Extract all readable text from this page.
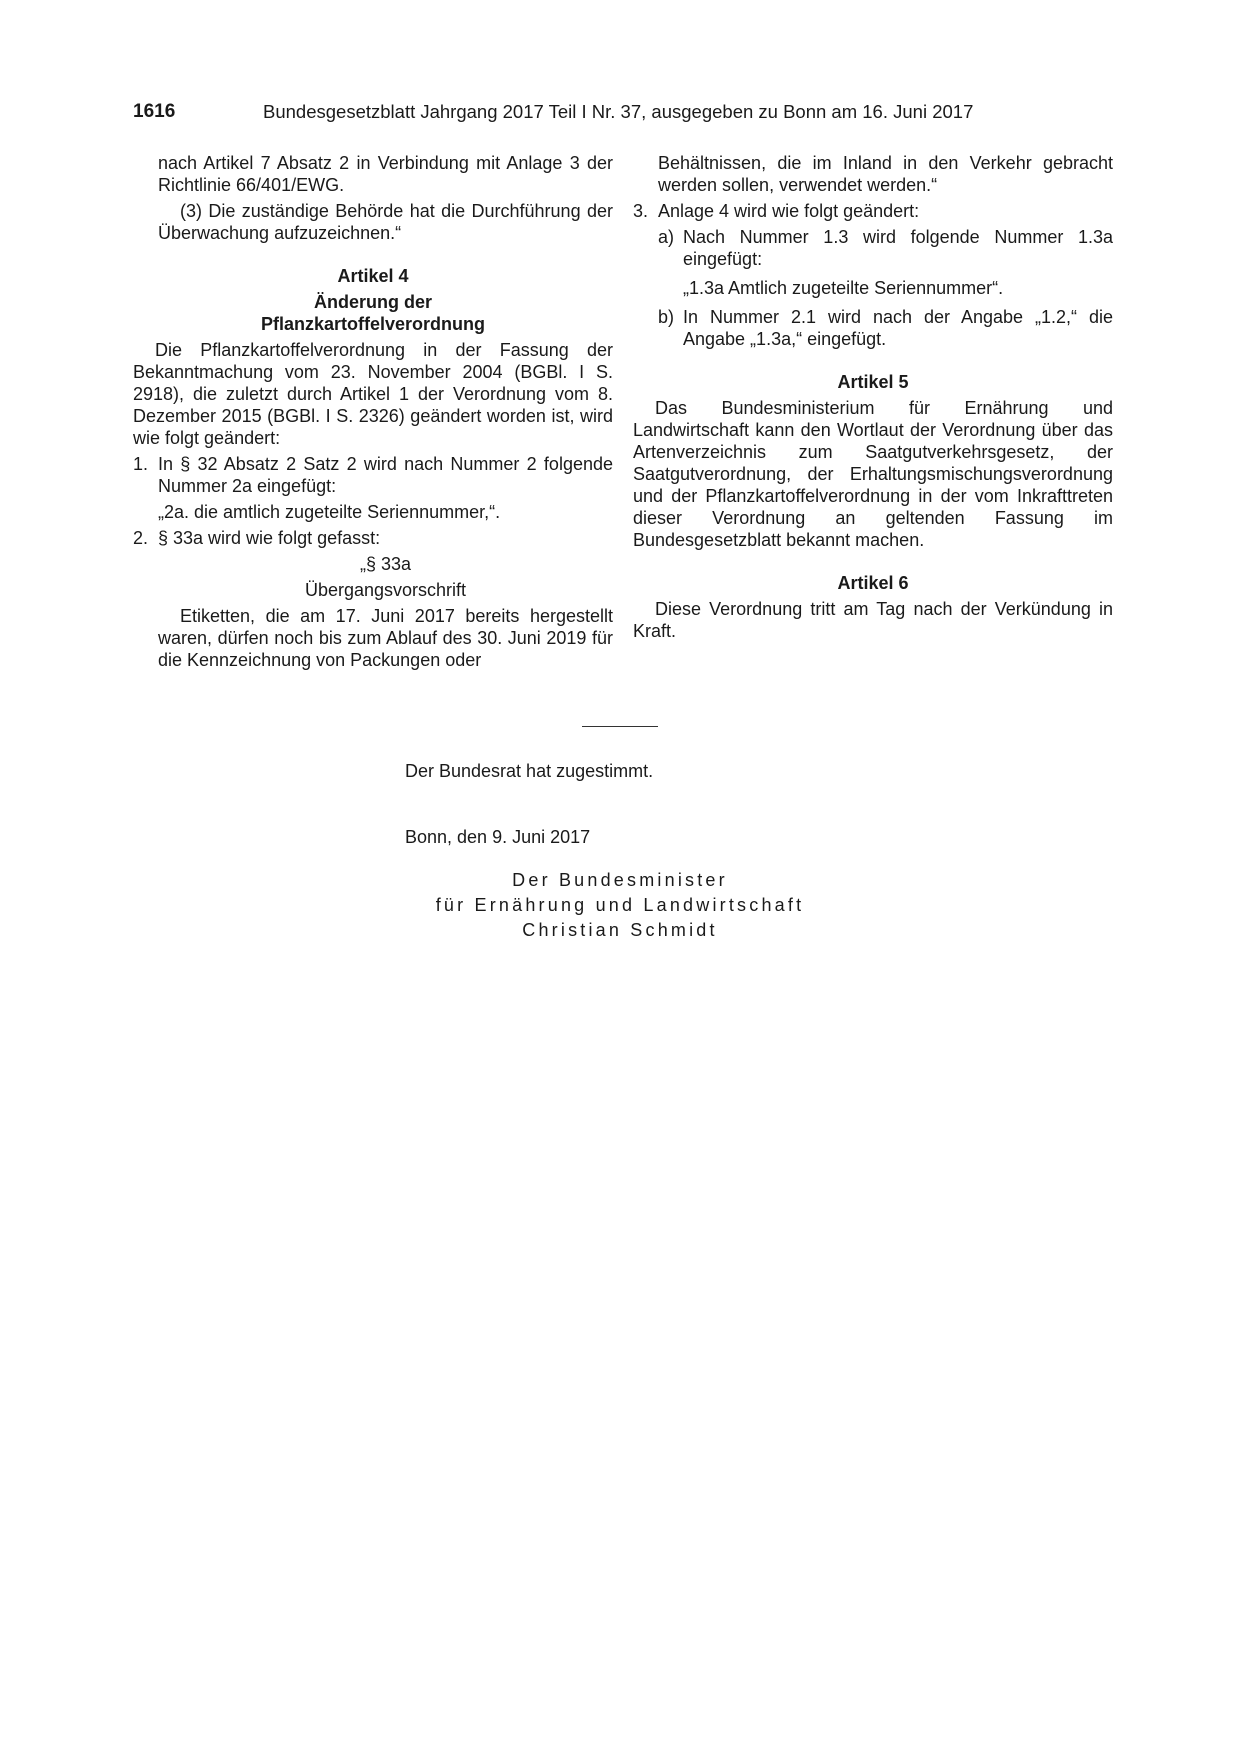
1616	Bundesgesetzblatt Jahrgang 2017 Teil I Nr. 37, ausgegeben zu Bonn am 16. Juni 2017

nach Artikel 7 Absatz 2 in Verbindung mit Anlage 3 der Richtlinie 66/401/EWG.

(3) Die zuständige Behörde hat die Durchführung der Überwachung aufzuzeichnen.“

Artikel 4

Änderung der

Pflanzkartoffelverordnung

Die Pflanzkartoffelverordnung in der Fassung der Bekanntmachung vom 23. November 2004 (BGBl. I S. 2918), die zuletzt durch Artikel 1 der Verordnung vom 8. Dezember 2015 (BGBl. I S. 2326) geändert worden ist, wird wie folgt geändert:

1. In § 32 Absatz 2 Satz 2 wird nach Nummer 2 folgende Nummer 2a eingefügt:

„2a. die amtlich zugeteilte Seriennummer,“.

2. § 33a wird wie folgt gefasst:

„§ 33a

Übergangsvorschrift

Etiketten, die am 17. Juni 2017 bereits hergestellt waren, dürfen noch bis zum Ablauf des 30. Juni 2019 für die Kennzeichnung von Packungen oder

Behältnissen, die im Inland in den Verkehr gebracht werden sollen, verwendet werden.“

3. Anlage 4 wird wie folgt geändert:
a) Nach Nummer 1.3 wird folgende Nummer 1.3a eingefügt:

„1.3a Amtlich zugeteilte Seriennummer“.

b) In Nummer 2.1 wird nach der Angabe „1.2,“ die Angabe „1.3a,“ eingefügt.

Artikel 5

Das Bundesministerium für Ernährung und Landwirtschaft kann den Wortlaut der Verordnung über das Artenverzeichnis zum Saatgutverkehrsgesetz, der Saatgutverordnung, der Erhaltungsmischungsverordnung und der Pflanzkartoffelverordnung in der vom Inkrafttreten dieser Verordnung an geltenden Fassung im Bundesgesetzblatt bekannt machen.

Artikel 6

Diese Verordnung tritt am Tag nach der Verkündung in Kraft.

Der Bundesrat hat zugestimmt.

Bonn, den 9. Juni 2017

Der Bundesminister

für Ernährung und Landwirtschaft

Christian Schmidt
